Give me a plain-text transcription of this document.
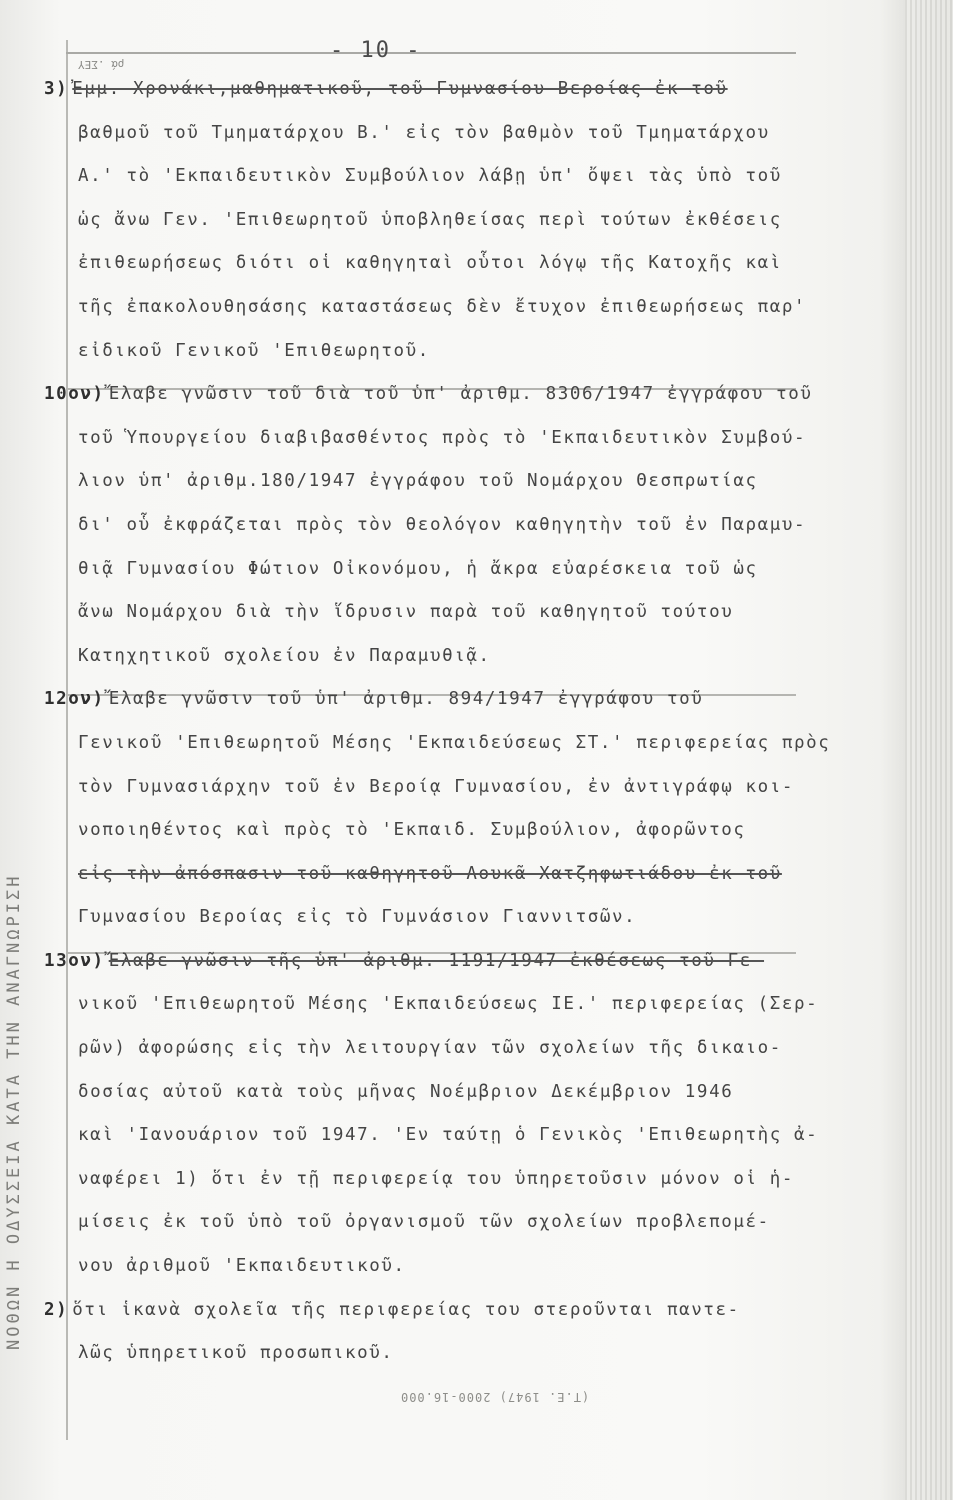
- 10 -
ρά .ΣΕΥ
ΝΟΘΩΝ Η ΟΔΥΣΣΕΙΑ ΚΑΤΑ ΤΗΝ ΑΝΑΓΝΩΡΙΣΗ
3) Ἐμμ. Χρονάκι,μαθηματικοῦ, τοῦ Γυμνασίου Βεροίας ἐκ τοῦ
βαθμοῦ τοῦ Τμηματάρχου Β.' εἰς τὸν βαθμὸν τοῦ Τμηματάρχου
Α.' τὸ 'Εκπαιδευτικὸν Συμβούλιον λάβῃ ὑπ' ὄψει τὰς ὑπὸ τοῦ
ὡς ἄνω Γεν. 'Επιθεωρητοῦ ὑποβληθείσας περὶ τούτων ἐκθέσεις
ἐπιθεωρήσεως διότι οἱ καθηγηταὶ οὗτοι λόγῳ τῆς Κατοχῆς καὶ
τῆς ἐπακολουθησάσης καταστάσεως δὲν ἔτυχον ἐπιθεωρήσεως παρ'
εἰδικοῦ Γενικοῦ 'Επιθεωρητοῦ.
10ον) Ἔλαβε γνῶσιν τοῦ διὰ τοῦ ὑπ' ἀριθμ. 8306/1947 ἐγγράφου τοῦ
τοῦ Ὑπουργείου διαβιβασθέντος πρὸς τὸ 'Εκπαιδευτικὸν Συμβού-
λιον ὑπ' ἀριθμ.180/1947 ἐγγράφου τοῦ Νομάρχου Θεσπρωτίας
δι' οὗ ἐκφράζεται πρὸς τὸν θεολόγον καθηγητὴν τοῦ ἐν Παραμυ-
θιᾷ Γυμνασίου Φώτιον Οἰκονόμου, ἡ ἄκρα εὐαρέσκεια τοῦ ὡς
ἄνω Νομάρχου διὰ τὴν ἵδρυσιν παρὰ τοῦ καθηγητοῦ τούτου
Κατηχητικοῦ σχολείου ἐν Παραμυθιᾷ.
12ον) Ἔλαβε γνῶσιν τοῦ ὑπ' ἀριθμ. 894/1947 ἐγγράφου τοῦ
Γενικοῦ 'Επιθεωρητοῦ Μέσης 'Εκπαιδεύσεως ΣΤ.' περιφερείας πρὸς
τὸν Γυμνασιάρχην τοῦ ἐν Βεροίᾳ Γυμνασίου, ἐν ἀντιγράφῳ κοι-
νοποιηθέντος καὶ πρὸς τὸ 'Εκπαιδ. Συμβούλιον, ἀφορῶντος
εἰς τὴν ἀπόσπασιν τοῦ καθηγητοῦ Λουκᾶ Χατζηφωτιάδου ἐκ τοῦ
Γυμνασίου Βεροίας εἰς τὸ Γυμνάσιον Γιαννιτσῶν.
13ον) Ἔλαβε γνῶσιν τῆς ὑπ' ἀριθμ. 1191/1947 ἐκθέσεως τοῦ Γε-
νικοῦ 'Επιθεωρητοῦ Μέσης 'Εκπαιδεύσεως ΙΕ.' περιφερείας (Σερ-
ρῶν) ἀφορώσης εἰς τὴν λειτουργίαν τῶν σχολείων τῆς δικαιο-
δοσίας αὐτοῦ κατὰ τοὺς μῆνας Νοέμβριον Δεκέμβριον 1946
καὶ 'Ιανουάριον τοῦ 1947. 'Εν ταύτῃ ὁ Γενικὸς 'Επιθεωρητὴς ἀ-
ναφέρει 1) ὅτι ἐν τῇ περιφερείᾳ του ὑπηρετοῦσιν μόνον οἱ ἡ-
μίσεις ἐκ τοῦ ὑπὸ τοῦ ὀργανισμοῦ τῶν σχολείων προβλεπομέ-
νου ἀριθμοῦ 'Εκπαιδευτικοῦ.
2) ὅτι ἱκανὰ σχολεῖα τῆς περιφερείας του στεροῦνται παντε-
λῶς ὑπηρετικοῦ προσωπικοῦ.
(Τ.Ε. 1947) 2000-16.000
